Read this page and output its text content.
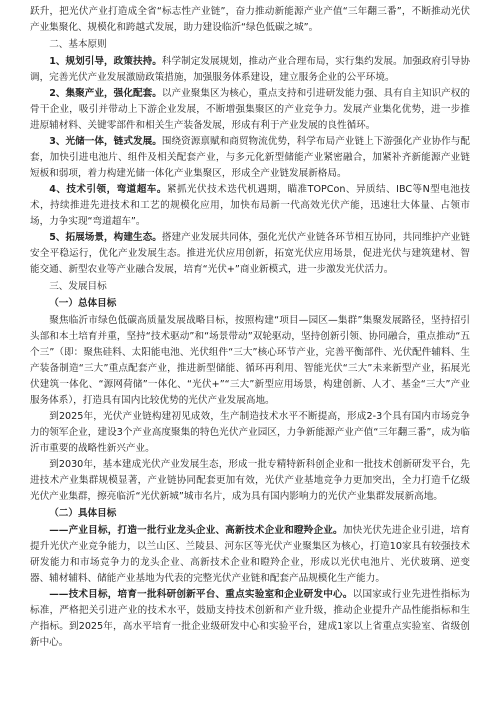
跃升，把光伏产业打造成全省“标志性产业链”，奋力推动新能源产业产值“三年翻三番”，不断推动光伏产业集聚化、规模化和跨越式发展，助力建设临沂“绿色低碳之城”。

二、基本原则

1、规划引导，政策扶持。科学制定发展规划，推动产业合理布局，实行集约发展。加强政府引导协调，完善光伏产业发展激励政策措施，加强服务体系建设，建立服务企业的公平环境。

2、集聚产业，强化配套。以产业聚集区为核心，重点支持和引进研发能力强、具有自主知识产权的骨干企业，吸引并带动上下游企业发展，不断增强集聚区的产业竞争力。发展产业集化优势，进一步推进原辅材料、关键零部件和相关生产装备发展，形成有利于产业发展的良性循环。

3、光储一体，链式发展。围绕资源禀赋和商贸物流优势，科学布局产业链上下游强化产业协作与配套，加快引进电池片、组件及相关配套产业，与多元化新型储能产业紧密融合，加紧补齐新能源产业链短板和弱项，着力构建光储一体化产业集聚区，形成全产业链发展新格局。

4、技术引领，弯道超车。紧抓光伏技术迭代机遇期，瞄准TOPCon、异质结、IBC等N型电池技术，持续推进先进技术和工艺的规模化应用，加快布局新一代高效光伏产能，迅速壮大体量、占领市场，力争实现“弯道超车”。

5、拓展场景，构建生态。搭建产业发展共同体，强化光伏产业链各环节相互协同，共同维护产业链安全平稳运行，优化产业发展生态。推进光伏应用创新，拓宽光伏应用场景，促进光伏与建筑建材、智能交通、新型农业等产业融合发展，培育“光伏+”商业新模式，进一步激发光伏活力。

三、发展目标

（一）总体目标

聚焦临沂市绿色低碳高质量发展战略目标，按照构建“项目—园区—集群”集聚发展路径，坚持招引头部和本土培育并重，坚持“技术驱动”和“场景带动”双轮驱动，坚持创新引领、协同融合，重点推动“五个三”（即：聚焦硅料、太阳能电池、光伏组件“三大”核心环节产业，完善平衡部件、光伏配件辅料、生产装备制造“三大”重点配套产业，推进新型储能、循环再利用、智能光伏“三大”未来新型产业，拓展光伏建筑一体化、“源网荷储”一体化、“光伏+”“三大”新型应用场景，构建创新、人才、基金“三大”产业服务体系），打造具有国内比较优势的光伏产业发展高地。

到2025年，光伏产业链构建初见成效，生产制造技术水平不断提高，形成2-3个具有国内市场竞争力的领军企业，建设3个产业高度聚集的特色光伏产业园区，力争新能源产业产值“三年翻三番”，成为临沂市重要的战略性新兴产业。

到2030年，基本建成光伏产业发展生态，形成一批专精特新科创企业和一批技术创新研发平台，先进技术产业集群规模显著，产业链协同配套更加有效，光伏产业基地竞争力更加突出，全力打造千亿级光伏产业集群，擦亮临沂“光伏新城”城市名片，成为具有国内影响力的光伏产业集群发展新高地。

（二）具体目标

——产业目标，打造一批行业龙头企业、高新技术企业和瞪羚企业。加快光伏先进企业引进，培育提升光伏产业竞争能力，以兰山区、兰陵县、河东区等光伏产业聚集区为核心，打造10家具有较强技术研发能力和市场竞争力的龙头企业、高新技术企业和瞪羚企业，形成以光伏电池片、光伏玻璃、逆变器、辅材辅料、储能产业基地为代表的完整光伏产业链和配套产品规模化生产能力。

——技术目标，培育一批科研创新平台、重点实验室和企业研发中心。以国家或行业先进性指标为标准，严格把关引进产业的技术水平，鼓励支持技术创新和产业升级，推动企业提升产品性能指标和生产指标。到2025年，高水平培育一批企业级研发中心和实验平台，建成1家以上省重点实验室、省级创新中心。
